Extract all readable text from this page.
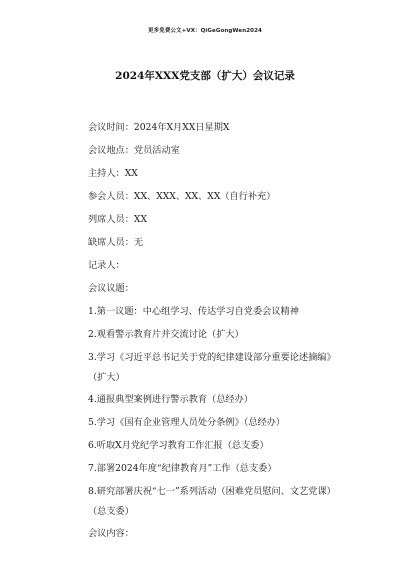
更多免费公文+VX：QiGeGongWen2024
2024年XXX党支部（扩大）会议记录
会议时间：2024年X月XX日星期X
会议地点：党员活动室
主持人：XX
参会人员：XX、XXX、XX、XX（自行补充）
列席人员：XX
缺席人员：无
记录人：
会议议题：
1.第一议题：中心组学习、传达学习自党委会议精神
2.观看警示教育片并交流讨论（扩大）
3.学习《习近平总书记关于党的纪律建设部分重要论述摘编》（扩大）
4.通报典型案例进行警示教育（总经办）
5.学习《国有企业管理人员处分条例》（总经办）
6.听取X月党纪学习教育工作汇报（总支委）
7.部署2024年度“纪律教育月”工作（总支委）
8.研究部署庆祝“七一”系列活动（困难党员慰问、文艺党课）（总支委）
会议内容：
